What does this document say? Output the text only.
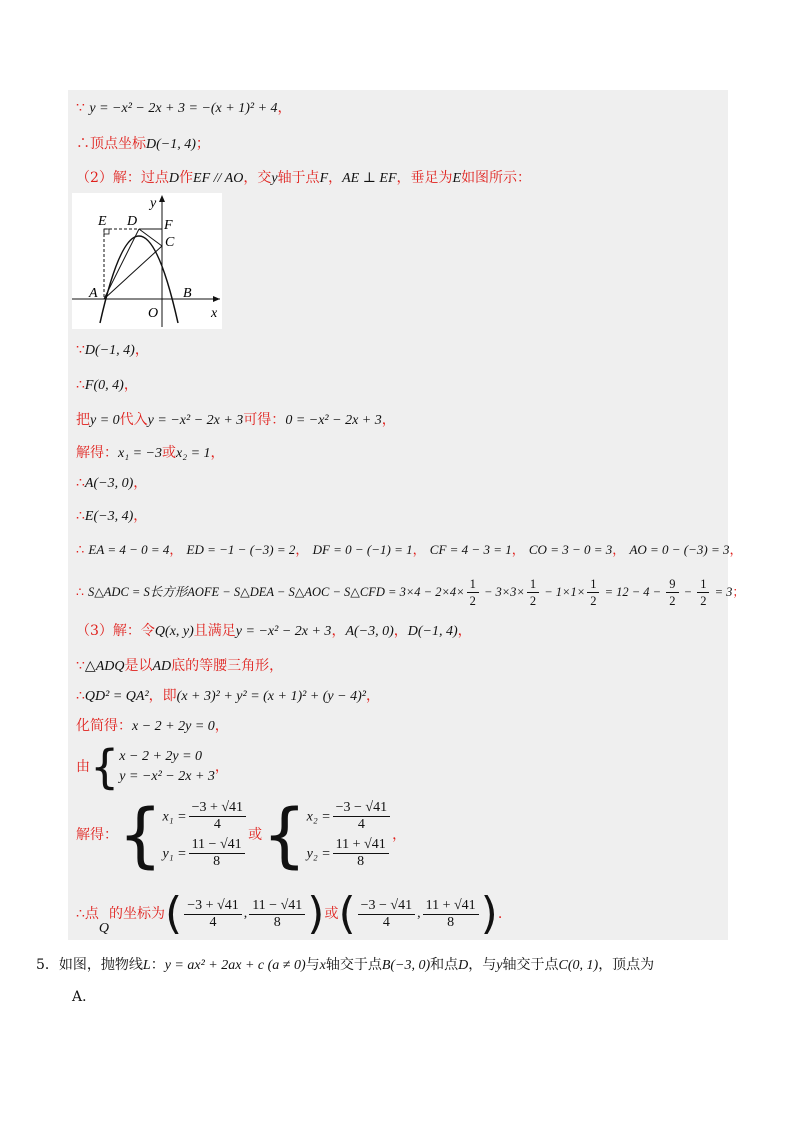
∵ y = −x² − 2x + 3 = −(x + 1)² + 4，
∴顶点坐标D(−1, 4)；
（2）解：过点D作EF // AO，交y轴于点F，AE ⊥ EF，垂足为E如图所示：
E D F
C
y
A
O
B
x
∵D(−1, 4)，
∴F(0, 4)，
把y = 0代入y = −x² − 2x + 3可得：0 = −x² − 2x + 3，
解得：x₁ = −3或x₂ = 1，
∴A(−3, 0)，
∴E(−3, 4)，
∴ EA = 4 − 0 = 4， ED = −1 − (−3) = 2， DF = 0 − (−1) = 1， CF = 4 − 3 = 1， CO = 3 − 0 = 3， AO = 0 − (−3) = 3，
∴ S△ADC = S长方形AOFE − S△DEA − S△AOC − S△CFD = $3\times 4 - 2\times 4\times \frac{1}{2} - 3\times 3\times \frac{1}{2} - 1\times 1\times \frac{1}{2} = 12 - 4 - \frac{9}{2} - \frac{1}{2} = 3$；
（3）解：令Q(x, y)且满足y = −x² − 2x + 3，A(−3, 0)，D(−1, 4)，
∵△ADQ是以AD底的等腰三角形，
∴QD² = QA²，即(x + 3)² + y² = (x + 1)² + (y − 4)²，
化简得：x − 2 + 2y = 0，
由{ x − 2 + 2y = 0
y = −x² − 2x + 3
，
解得：{ $x_1 = \frac{-3 + √41}{4}$
$y_1 = \frac{11 - √41}{8}$
或{ $x_2 = \frac{-3 - √41}{4}$
$y_2 = \frac{11 + √41}{8}$
，
∴点Q的坐标为( $\frac{-3 + √41}{4}$ , $\frac{11 - √41}{8}$ )或( $\frac{-3 - √41}{4}$ , $\frac{11 + √41}{8}$ ).
5．如图，抛物线L：y = ax² + 2ax + c (a ≠ 0)与x轴交于点B(−3, 0)和点D，与y轴交于点C(0, 1)，顶点为
A．
